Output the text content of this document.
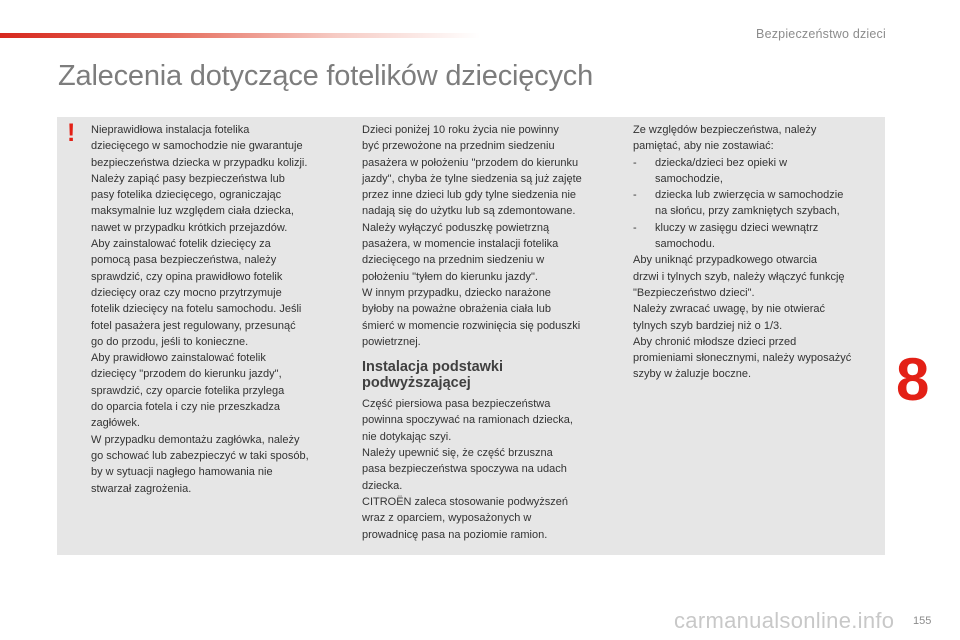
Bezpieczeństwo dzieci
Zalecenia dotyczące fotelików dziecięcych
! Nieprawidłowa instalacja fotelika

dziecięcego w samochodzie nie gwarantuje

bezpieczeństwa dziecka w przypadku kolizji.

Należy zapiąć pasy bezpieczeństwa lub

pasy fotelika dziecięcego, ograniczając

maksymalnie luz względem ciała dziecka,

nawet w przypadku krótkich przejazdów.

Aby zainstalować fotelik dziecięcy za

pomocą pasa bezpieczeństwa, należy

sprawdzić, czy opina prawidłowo fotelik

dziecięcy oraz czy mocno przytrzymuje

fotelik dziecięcy na fotelu samochodu. Jeśli

fotel pasażera jest regulowany, przesunąć

go do przodu, jeśli to konieczne.

Aby prawidłowo zainstalować fotelik

dziecięcy "przodem do kierunku jazdy",

sprawdzić, czy oparcie fotelika przylega

do oparcia fotela i czy nie przeszkadza

zagłówek.

W przypadku demontażu zagłówka, należy

go schować lub zabezpieczyć w taki sposób,

by w sytuacji nagłego hamowania nie

stwarzał zagrożenia.

Dzieci poniżej 10 roku życia nie powinny

być przewożone na przednim siedzeniu

pasażera w położeniu "przodem do kierunku

jazdy", chyba że tylne siedzenia są już zajęte

przez inne dzieci lub gdy tylne siedzenia nie

nadają się do użytku lub są zdemontowane.

Należy wyłączyć poduszkę powietrzną

pasażera, w momencie instalacji fotelika

dziecięcego na przednim siedzeniu w

położeniu "tyłem do kierunku jazdy".

W innym przypadku, dziecko narażone

byłoby na poważne obrażenia ciała lub

śmierć w momencie rozwinięcia się poduszki

powietrznej.

Instalacja podstawki
podwyższającej

Część piersiowa pasa bezpieczeństwa

powinna spoczywać na ramionach dziecka,

nie dotykając szyi.

Należy upewnić się, że część brzuszna

pasa bezpieczeństwa spoczywa na udach

dziecka.

CITROËN zaleca stosowanie podwyższeń

wraz z oparciem, wyposażonych w

prowadnicę pasa na poziomie ramion.

Ze względów bezpieczeństwa, należy

pamiętać, aby nie zostawiać:

-	dziecka/dzieci bez opieki w
samochodzie,
-	dziecka lub zwierzęcia w samochodzie
na słońcu, przy zamkniętych szybach,
-	kluczy w zasięgu dzieci wewnątrz
samochodu.

Aby uniknąć przypadkowego otwarcia

drzwi i tylnych szyb, należy włączyć funkcję

"Bezpieczeństwo dzieci".

Należy zwracać uwagę, by nie otwierać

tylnych szyb bardziej niż o 1/3.

Aby chronić młodsze dzieci przed

promieniami słonecznymi, należy wyposażyć

szyby w żaluzje boczne.	8
155
carmanualsonline.info
